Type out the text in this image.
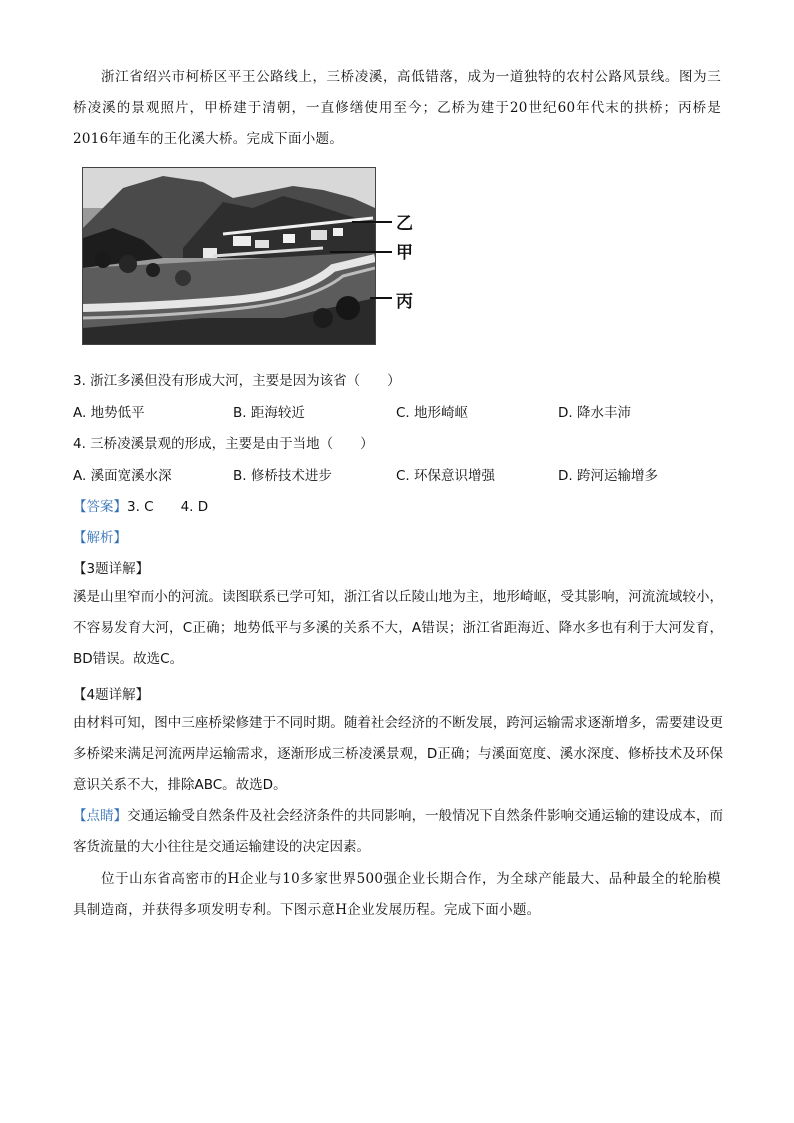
浙江省绍兴市柯桥区平王公路线上，三桥凌溪，高低错落，成为一道独特的农村公路风景线。图为三桥凌溪的景观照片，甲桥建于清朝，一直修缮使用至今；乙桥为建于20世纪60年代末的拱桥；丙桥是2016年通车的王化溪大桥。完成下面小题。

乙
甲
丙
3. 浙江多溪但没有形成大河，主要是因为该省（　　）
A. 地势低平	B. 距海较近	C. 地形崎岖	D. 降水丰沛
4. 三桥凌溪景观的形成，主要是由于当地（　　）
A. 溪面宽溪水深	B. 修桥技术进步	C. 环保意识增强	D. 跨河运输增多
【答案】3. C　　4. D
【解析】
【3题详解】

溪是山里窄而小的河流。读图联系已学可知，浙江省以丘陵山地为主，地形崎岖，受其影响，河流流域较小，不容易发育大河，C正确；地势低平与多溪的关系不大，A错误；浙江省距海近、降水多也有利于大河发育，BD错误。故选C。

【4题详解】

由材料可知，图中三座桥梁修建于不同时期。随着社会经济的不断发展，跨河运输需求逐渐增多，需要建设更多桥梁来满足河流两岸运输需求，逐渐形成三桥凌溪景观，D正确；与溪面宽度、溪水深度、修桥技术及环保意识关系不大，排除ABC。故选D。

【点睛】交通运输受自然条件及社会经济条件的共同影响，一般情况下自然条件影响交通运输的建设成本，而客货流量的大小往往是交通运输建设的决定因素。

位于山东省高密市的H企业与10多家世界500强企业长期合作，为全球产能最大、品种最全的轮胎模具制造商，并获得多项发明专利。下图示意H企业发展历程。完成下面小题。
